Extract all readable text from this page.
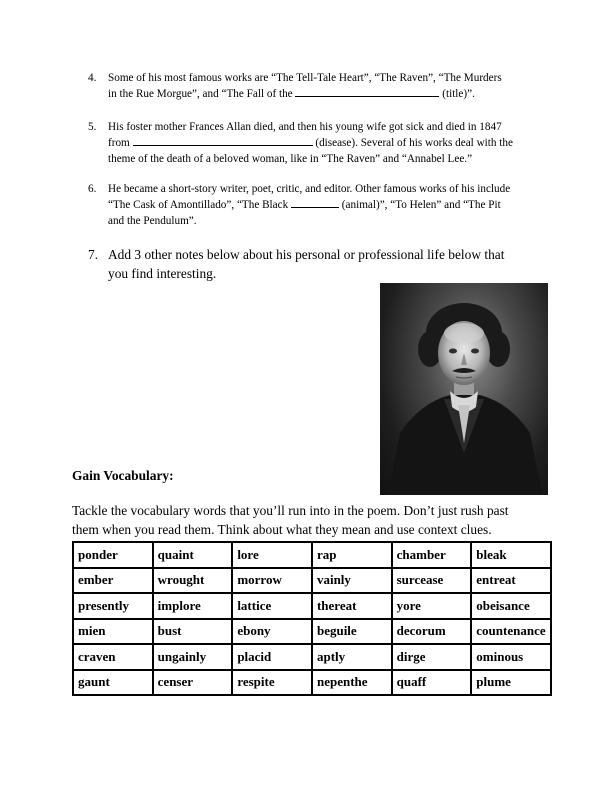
4. Some of his most famous works are “The Tell-Tale Heart”, “The Raven”, “The Murders
in the Rue Morgue”, and “The Fall of the	(title)”.
5. His foster mother Frances Allan died, and then his young wife got sick and died in 1847
from	(disease). Several of his works deal with the
theme of the death of a beloved woman, like in “The Raven” and “Annabel Lee.”
6. He became a short-story writer, poet, critic, and editor. Other famous works of his include
“The Cask of Amontillado”, “The Black	(animal)”, “To Helen” and “The Pit
and the Pendulum”.
7. Add 3 other notes below about his personal or professional life below that
you find interesting.
Gain Vocabulary:
Tackle the vocabulary words that you’ll run into in the poem. Don’t just rush past
them when you read them. Think about what they mean and use context clues.
ponder	quaint	lore	rap	chamber	bleak
ember	wrought	morrow	vainly	surcease	entreat
presently	implore	lattice	thereat	yore	obeisance
mien	bust	ebony	beguile	decorum	countenance
craven	ungainly	placid	aptly	dirge	ominous
gaunt	censer	respite	nepenthe	quaff	plume
